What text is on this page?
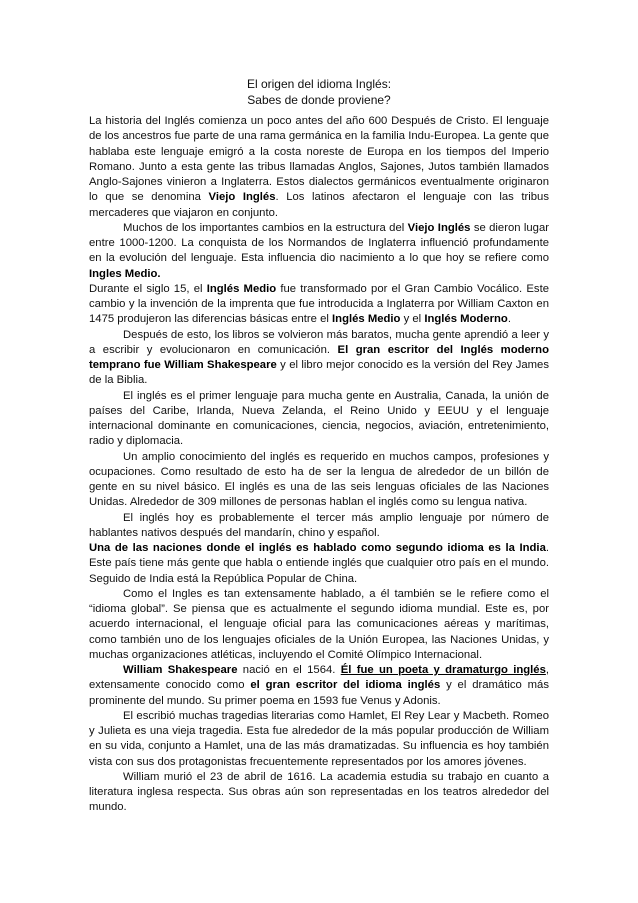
El origen del idioma Inglés:
Sabes de donde proviene?

La historia del Inglés comienza un poco antes del año 600 Después de Cristo. El lenguaje de los ancestros fue parte de una rama germánica en la familia Indu-Europea. La gente que hablaba este lenguaje emigró a la costa noreste de Europa en los tiempos del Imperio Romano. Junto a esta gente las tribus llamadas Anglos, Sajones, Jutos también llamados Anglo-Sajones vinieron a Inglaterra. Estos dialectos germánicos eventualmente originaron lo que se denomina Viejo Inglés. Los latinos afectaron el lenguaje con las tribus mercaderes que viajaron en conjunto.

Muchos de los importantes cambios en la estructura del Viejo Inglés se dieron lugar entre 1000-1200. La conquista de los Normandos de Inglaterra influenció profundamente en la evolución del lenguaje. Esta influencia dio nacimiento a lo que hoy se refiere como Ingles Medio.

Durante el siglo 15, el Inglés Medio fue transformado por el Gran Cambio Vocálico. Este cambio y la invención de la imprenta que fue introducida a Inglaterra por William Caxton en 1475 produjeron las diferencias básicas entre el Inglés Medio y el Inglés Moderno.

Después de esto, los libros se volvieron más baratos, mucha gente aprendió a leer y a escribir y evolucionaron en comunicación. El gran escritor del Inglés moderno temprano fue William Shakespeare y el libro mejor conocido es la versión del Rey James de la Biblia.

El inglés es el primer lenguaje para mucha gente en Australia, Canada, la unión de países del Caribe, Irlanda, Nueva Zelanda, el Reino Unido y EEUU y el lenguaje internacional dominante en comunicaciones, ciencia, negocios, aviación, entretenimiento, radio y diplomacia.

Un amplio conocimiento del inglés es requerido en muchos campos, profesiones y ocupaciones. Como resultado de esto ha de ser la lengua de alrededor de un billón de gente en su nivel básico. El inglés es una de las seis lenguas oficiales de las Naciones Unidas. Alrededor de 309 millones de personas hablan el inglés como su lengua nativa.

El inglés hoy es probablemente el tercer más amplio lenguaje por número de hablantes nativos después del mandarín, chino y español.

Una de las naciones donde el inglés es hablado como segundo idioma es la India. Este país tiene más gente que habla o entiende inglés que cualquier otro país en el mundo. Seguido de India está la República Popular de China.

Como el Ingles es tan extensamente hablado, a él también se le refiere como el “idioma global”. Se piensa que es actualmente el segundo idioma mundial. Este es, por acuerdo internacional, el lenguaje oficial para las comunicaciones aéreas y marítimas, como también uno de los lenguajes oficiales de la Unión Europea, las Naciones Unidas, y muchas organizaciones atléticas, incluyendo el Comité Olímpico Internacional.

William Shakespeare nació en el 1564. Él fue un poeta y dramaturgo inglés, extensamente conocido como el gran escritor del idioma inglés y el dramático más prominente del mundo. Su primer poema en 1593 fue Venus y Adonis.

El escribió muchas tragedias literarias como Hamlet, El Rey Lear y Macbeth. Romeo y Julieta es una vieja tragedia. Esta fue alrededor de la más popular producción de William en su vida, conjunto a Hamlet, una de las más dramatizadas. Su influencia es hoy también vista con sus dos protagonistas frecuentemente representados por los amores jóvenes.

William murió el 23 de abril de 1616. La academia estudia su trabajo en cuanto a literatura inglesa respecta. Sus obras aún son representadas en los teatros alrededor del mundo.
